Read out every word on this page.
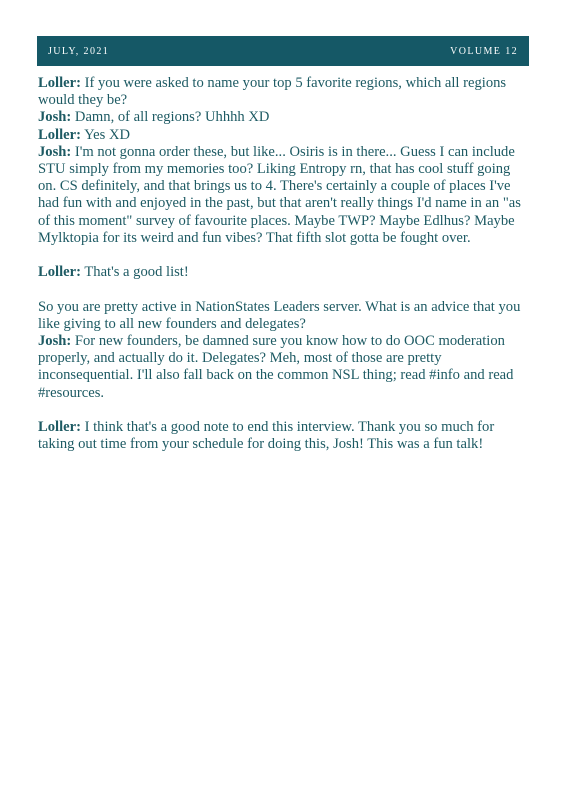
JULY, 2021	VOLUME 12

Loller: If you were asked to name your top 5 favorite regions, which all regions would they be?

Josh: Damn, of all regions? Uhhhh XD

Loller: Yes XD

Josh: I'm not gonna order these, but like... Osiris is in there... Guess I can include STU simply from my memories too? Liking Entropy rn, that has cool stuff going on. CS definitely, and that brings us to 4. There's certainly a couple of places I've had fun with and enjoyed in the past, but that aren't really things I'd name in an "as of this moment" survey of favourite places. Maybe TWP? Maybe Edlhus? Maybe Mylktopia for its weird and fun vibes? That fifth slot gotta be fought over.

Loller: That's a good list!

So you are pretty active in NationStates Leaders server. What is an advice that you like giving to all new founders and delegates?

Josh: For new founders, be damned sure you know how to do OOC moderation properly, and actually do it. Delegates? Meh, most of those are pretty inconsequential. I'll also fall back on the common NSL thing; read #info and read #resources.

Loller: I think that's a good note to end this interview. Thank you so much for taking out time from your schedule for doing this, Josh! This was a fun talk!
